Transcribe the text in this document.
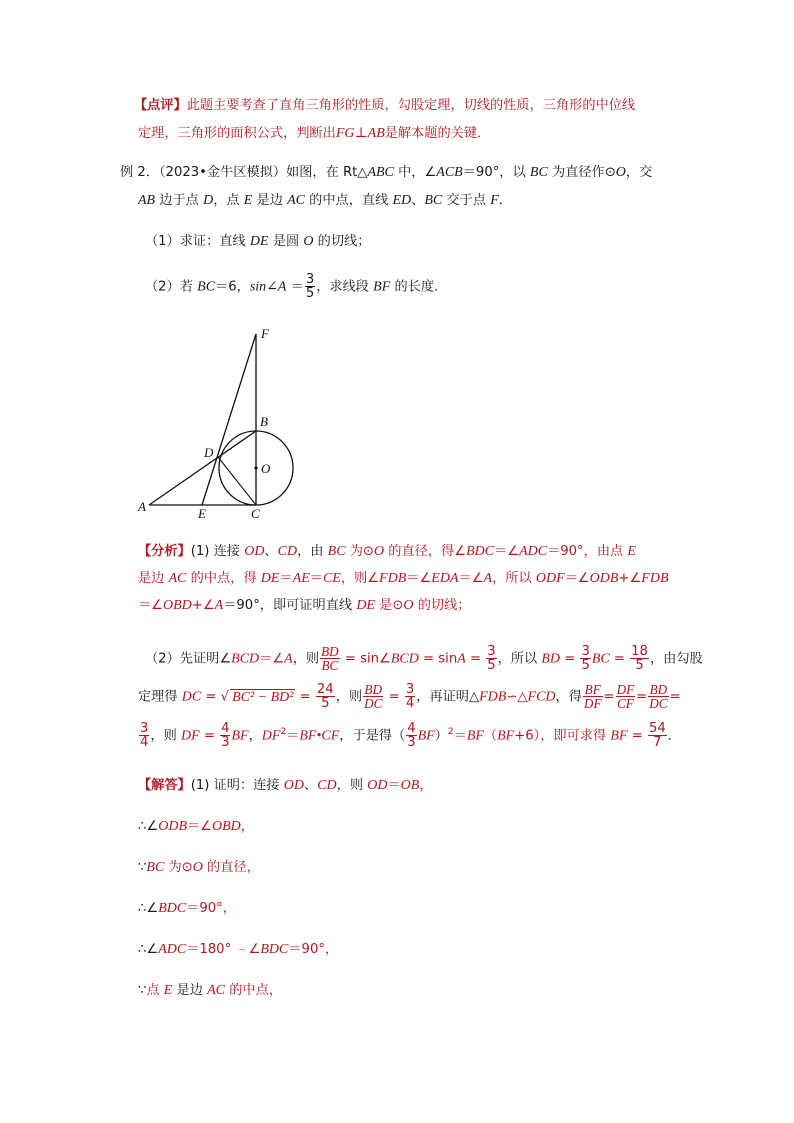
【点评】此题主要考查了直角三角形的性质，勾股定理，切线的性质，三角形的中位线
定理，三角形的面积公式，判断出FG⊥AB是解本题的关键．
例 2．（2023•金牛区模拟）如图，在 Rt△ABC 中，∠ACB＝90°，以 BC 为直径作⊙O，交
AB 边于点 D，点 E 是边 AC 的中点，直线 ED、BC 交于点 F．
（1）求证：直线 DE 是圆 O 的切线；
（2）若 BC＝6，sin∠A ＝ $\frac{3}{5}$ ，求线段 BF 的长度．
F
B
D
O
A	E	C
【分析】(1) 连接 OD、CD，由 BC 为⊙O 的直径，得∠BDC＝∠ADC＝90°，由点 E
是边 AC 的中点，得 DE＝AE＝CE，则∠FDB＝∠EDA＝∠A，所以 ODF＝∠ODB+∠FDB
＝∠OBD+∠A＝90°，即可证明直线 DE 是⊙O 的切线；
（2）先证明∠BCD＝∠A，则 $\frac{BD}{BC}$ = sin∠BCD = $\sin A = \frac{3}{5}$ ，所以 BD = $\frac{3}{5}$ BC = $\frac{18}{5}$ ，由勾股
定理得 DC = √ $BC^2 - BD^2 = \frac{24}{5}$ ，则 $\frac{BD}{DC} = \frac{3}{4}$ ，再证明△FDB∽△FCD，得 $\frac{BF}{DF} = \frac{DF}{CF} = \frac{BD}{DC}$ =
$\frac{3}{4}$ ，则 DF = $\frac{4}{3}$ BF，$DF^2=BF•CF$，于是得（ $\frac{4}{3} BF)^2=BF(BF+6)$，即可求得 BF = $\frac{54}{7}$ ．
【解答】(1) 证明：连接 OD、CD，则 OD＝OB，
∴∠ODB＝∠OBD，
∵BC 为⊙O 的直径，
∴∠BDC＝90°，
∴∠ADC＝180° ﹣∠BDC＝90°，
∵点 E 是边 AC 的中点，
